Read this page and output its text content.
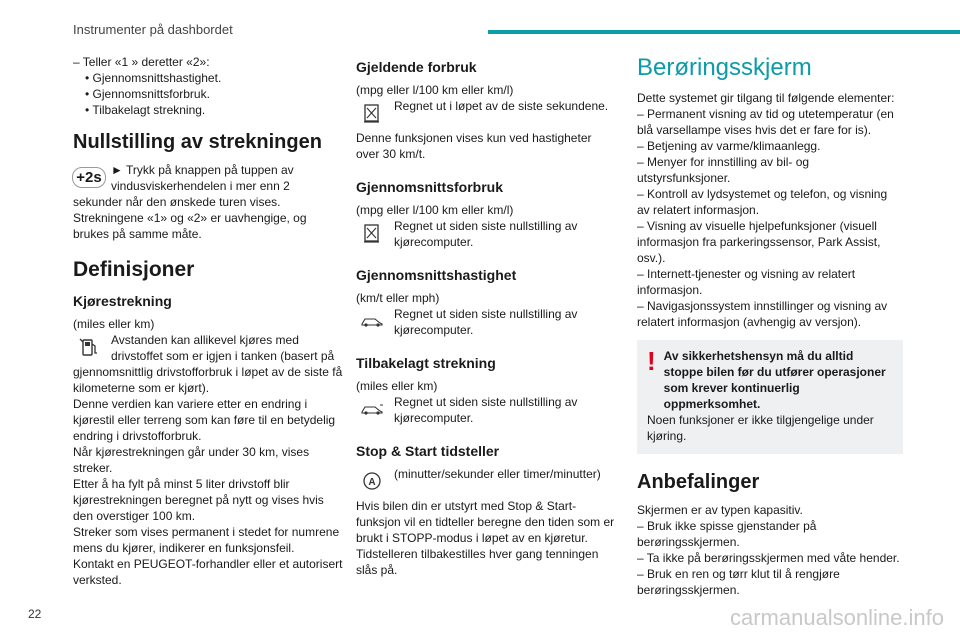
Instrumenter på dashbordet

– Teller «1 » deretter «2»:

• Gjennomsnittshastighet.
• Gjennomsnittsforbruk.
• Tilbakelagt strekning.
Nullstilling av strekningen
+2s ► Trykk på knappen på tuppen av vindusviskerhendelen i mer enn 2

sekunder når den ønskede turen vises. Strekningene «1» og «2» er uavhengige, og brukes på samme måte.

Definisjoner
Kjørestrekning

(miles eller km)

Avstanden kan allikevel kjøres med drivstoffet som er igjen i tanken (basert på

gjennomsnittlig drivstofforbruk i løpet av de siste få kilometerne som er kjørt).

Denne verdien kan variere etter en endring i kjørestil eller terreng som kan føre til en betydelig endring i drivstofforbruk.

Når kjørestrekningen går under 30 km, vises streker.

Etter å ha fylt på minst 5 liter drivstoff blir kjørestrekningen beregnet på nytt og vises hvis den overstiger 100 km.

Streker som vises permanent i stedet for numrene mens du kjører, indikerer en funksjonsfeil.

Kontakt en PEUGEOT-forhandler eller et autorisert verksted.

Gjeldende forbruk

(mpg eller l/100 km eller km/l)

Regnet ut i løpet av de siste sekundene.

Denne funksjonen vises kun ved hastigheter over 30 km/t.

Gjennomsnittsforbruk

(mpg eller l/100 km eller km/l)

Regnet ut siden siste nullstilling av kjørecomputer.
Gjennomsnittshastighet

(km/t eller mph)

Regnet ut siden siste nullstilling av kjørecomputer.
Tilbakelagt strekning

(miles eller km)

Regnet ut siden siste nullstilling av kjørecomputer.
Stop & Start tidsteller
A
(minutter/sekunder eller timer/minutter)

Hvis bilen din er utstyrt med Stop & Start-funksjon vil en tidteller beregne den tiden som er brukt i STOPP-modus i løpet av en kjøretur. Tidstelleren tilbakestilles hver gang tenningen slås på.

Berøringsskjerm

Dette systemet gir tilgang til følgende elementer:

– Permanent visning av tid og utetemperatur (en blå varsellampe vises hvis det er fare for is).

– Betjening av varme/klimaanlegg.

– Menyer for innstilling av bil- og utstyrsfunksjoner.

– Kontroll av lydsystemet og telefon, og visning av relatert informasjon.

– Visning av visuelle hjelpefunksjoner (visuell informasjon fra parkeringssensor, Park Assist, osv.).

– Internett-tjenester og visning av relatert informasjon.

– Navigasjonssystem innstillinger og visning av relatert informasjon (avhengig av versjon).

! Av sikkerhetshensyn må du alltid stoppe bilen før du utfører operasjoner som krever kontinuerlig oppmerksomhet.

Noen funksjoner er ikke tilgjengelige under kjøring.

Anbefalinger

Skjermen er av typen kapasitiv.

– Bruk ikke spisse gjenstander på berøringsskjermen.

– Ta ikke på berøringsskjermen med våte hender.

– Bruk en ren og tørr klut til å rengjøre berøringsskjermen.

22	carmanualsonline.info
